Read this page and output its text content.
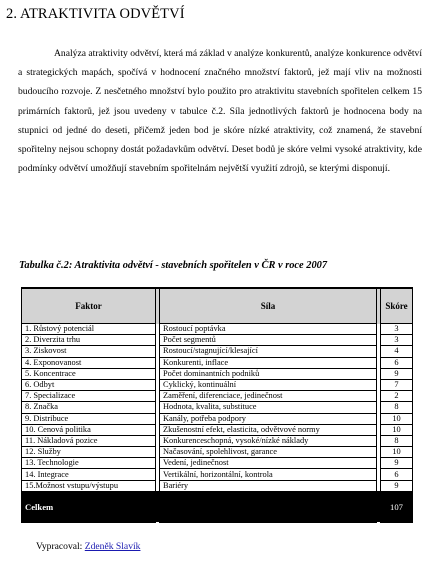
2. ATRAKTIVITA ODVĚTVÍ

Analýza atraktivity odvětví, která má základ v analýze konkurentů, analýze konkurence odvětví a strategických mapách, spočívá v hodnocení značného množství faktorů, jež mají vliv na možnosti budoucího rozvoje. Z nesčetného množství bylo použito pro atraktivitu stavebních spořitelen celkem 15 primárních faktorů, jež jsou uvedeny v tabulce č.2. Síla jednotlivých faktorů je hodnocena body na stupnici od jedné do deseti, přičemž jeden bod je skóre nízké atraktivity, což znamená, že stavební spořitelny nejsou schopny dostát požadavkům odvětví. Deset bodů je skóre velmi vysoké atraktivity, kde podmínky odvětví umožňují stavebním spořitelnám největší využití zdrojů, se kterými disponují.

Tabulka č.2: Atraktivita odvětví - stavebních spořitelen v ČR v roce 2007

Faktor		Síla		Skóre
1. Růstový potenciál		Rostoucí poptávka		3
2. Diverzita trhu		Počet segmentů		3
3. Ziskovost		Rostoucí/stagnující/klesající		4
4. Exponovanost		Konkurenti, inflace		6
5. Koncentrace		Počet dominantních podniků		9
6. Odbyt		Cyklický, kontinuální		7
7. Specializace		Zaměření, diferenciace, jedinečnost		2
8. Značka		Hodnota, kvalita, substituce		8
9. Distribuce		Kanály, potřeba podpory		10
10. Cenová politika		Zkušenostní efekt, elasticita, odvětvové normy		10
11. Nákladová pozice		Konkurenceschopná, vysoké/nízké náklady		8
12. Služby		Načasování, spolehlivost, garance		10
13. Technologie		Vedení, jedinečnost		9
14. Integrace		Vertikální, horizontální, kontrola		6
15.Možnost vstupu/výstupu		Bariéry		9
Celkem				107
Vypracoval: Zdeněk Slavík
